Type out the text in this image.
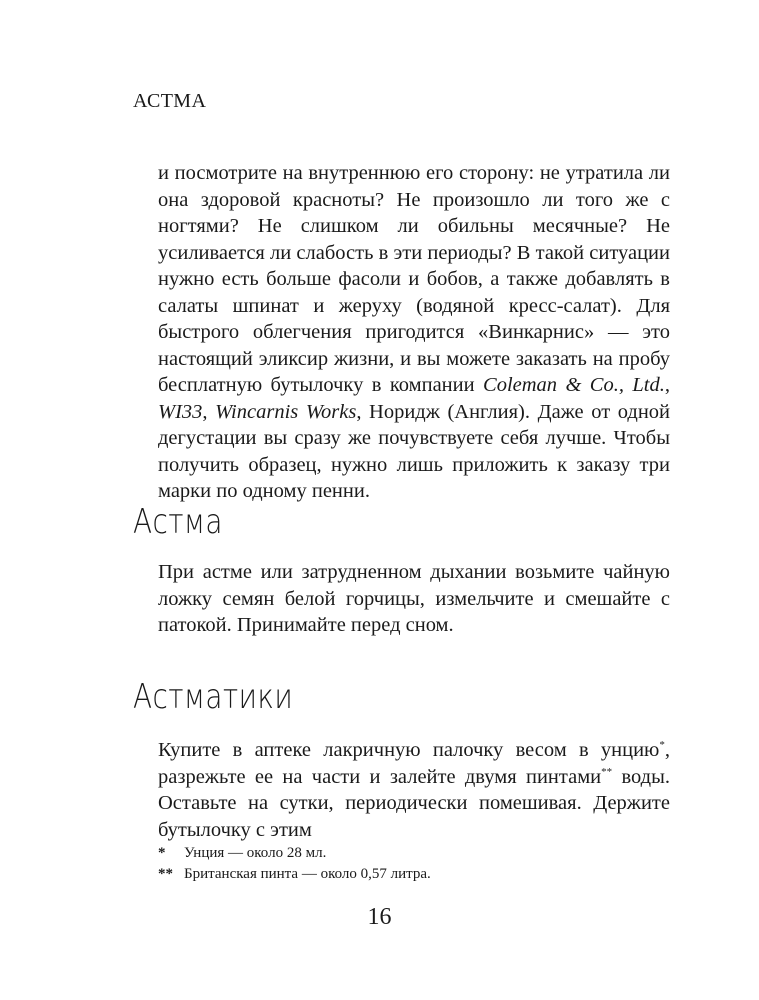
АСТМА
и посмотрите на внутреннюю его сторону: не утратила ли она здоровой красноты? Не произошло ли того же с ногтями? Не слишком ли обильны месячные? Не усиливается ли слабость в эти периоды? В такой ситуации нужно есть больше фасоли и бобов, а также добавлять в салаты шпинат и жеруху (водяной кресс-салат). Для быстрого облегчения пригодится «Винкарнис» — это настоящий эликсир жизни, и вы можете заказать на пробу бесплатную бутылочку в компании Coleman & Co., Ltd., WI33, Wincarnis Works, Норидж (Англия). Даже от одной дегустации вы сразу же почувствуете себя лучше. Чтобы получить образец, нужно лишь приложить к заказу три марки по одному пенни.
Астма
При астме или затрудненном дыхании возьмите чайную ложку семян белой горчицы, измельчите и смешайте с патокой. Принимайте перед сном.
Астматики
Купите в аптеке лакричную палочку весом в унцию*, разрежьте ее на части и залейте двумя пинтами** воды. Оставьте на сутки, периодически помешивая. Держите бутылочку с этим
* Унция — около 28 мл.
** Британская пинта — около 0,57 литра.
16
